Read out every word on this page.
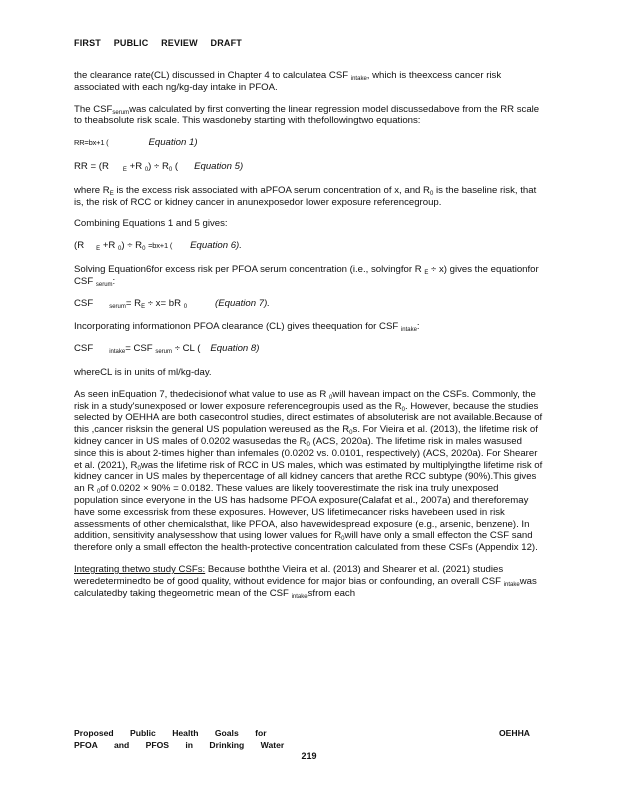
FIRST PUBLIC REVIEW DRAFT

the clearance rate(CL) discussed in Chapter 4 to calculatea CSF $_{intake}$, which is theexcess cancer risk associated with each ng/kg-day intake in PFOA.

The $CSF_{serum}was$ calculated by first converting the linear regression model discussedabove from the RR scale to theabsolute risk scale. This wasdoneby starting with thefollowingtwo equations:

RR=bx+1 (	Equation 1)
RR = (R $_E$ +R $_0) \div R_0$ ( Equation 5)

where $R_E$ is the excess risk associated with aPFOA serum concentration of x, and $R_0$ is the baseline risk, that is, the risk of RCC or kidney cancer in anunexposedor lower exposure referencegroup.

Combining Equations 1 and 5 gives:

(R $_E$ +R $_0) \div R_0 =bx+1$ ( Equation 6).

Solving Equation6for excess risk per PFOA serum concentration (i.e., solvingfor R $_E$ ÷ x) gives the equationfor CSF $_{serum}$:

CSF	$_{serum}= R_E \div x=$ bR $_0$	(Equation 7).

Incorporating informationon PFOA clearance (CL) gives theequation for CSF $_{intake}$:

CSF	$_{intake}$= CSF $_{serum}$ ÷ CL ( Equation 8)

whereCL is in units of ml/kg-day.

As seen inEquation 7, thedecisionof what value to use as R $_0$will havean impact on the CSFs. Commonly, the risk in a study'sunexposed or lower exposure referencegroupis used as the $R_0$. However, because the studies selected by OEHHA are both casecontrol studies, direct estimates of absoluterisk are not available.Because of this ,cancer risksin the general US population wereused as the $R_0s$. For Vieira et al. (2013), the lifetime risk of kidney cancer in US males of 0.0202 wasusedas the $R_0$ (ACS, 2020a). The lifetime risk in males wasused since this is about 2-times higher than infemales (0.0202 vs. 0.0101, respectively) (ACS, 2020a). For Shearer et al. (2021), $R_0was$ the lifetime risk of RCC in US males, which was estimated by multiplyingthe lifetime risk of kidney cancer in US males by thepercentage of all kidney cancers that arethe RCC subtype (90%).This gives an R $_0$of 0.0202 × 90% = 0.0182. These values are likely tooverestimate the risk ina truly unexposed population since everyone in the US has hadsome PFOA exposure(Calafat et al., 2007a) and thereforemay have some excessrisk from these exposures. However, US lifetimecancer risks havebeen used in risk assessments of other chemicalsthat, like PFOA, also havewidespread exposure (e.g., arsenic, benzene). In addition, sensitivity analysesshow that using lower values for $R_0will$ have only a small effecton the CSF sand therefore only a small effecton the health-protective concentration calculated from these CSFs (Appendix 12).

Integrating thetwo study CSFs: Because boththe Vieira et al. (2013) and Shearer et al. (2021) studies weredeterminedto be of good quality, without evidence for major bias or confounding, an overall CSF $_{intake}$was calculatedby taking thegeometric mean of the CSF $_{intake}$sfrom each

Proposed Public Health Goals for
PFOA and PFOS in Drinking Water
OEHHA
219
